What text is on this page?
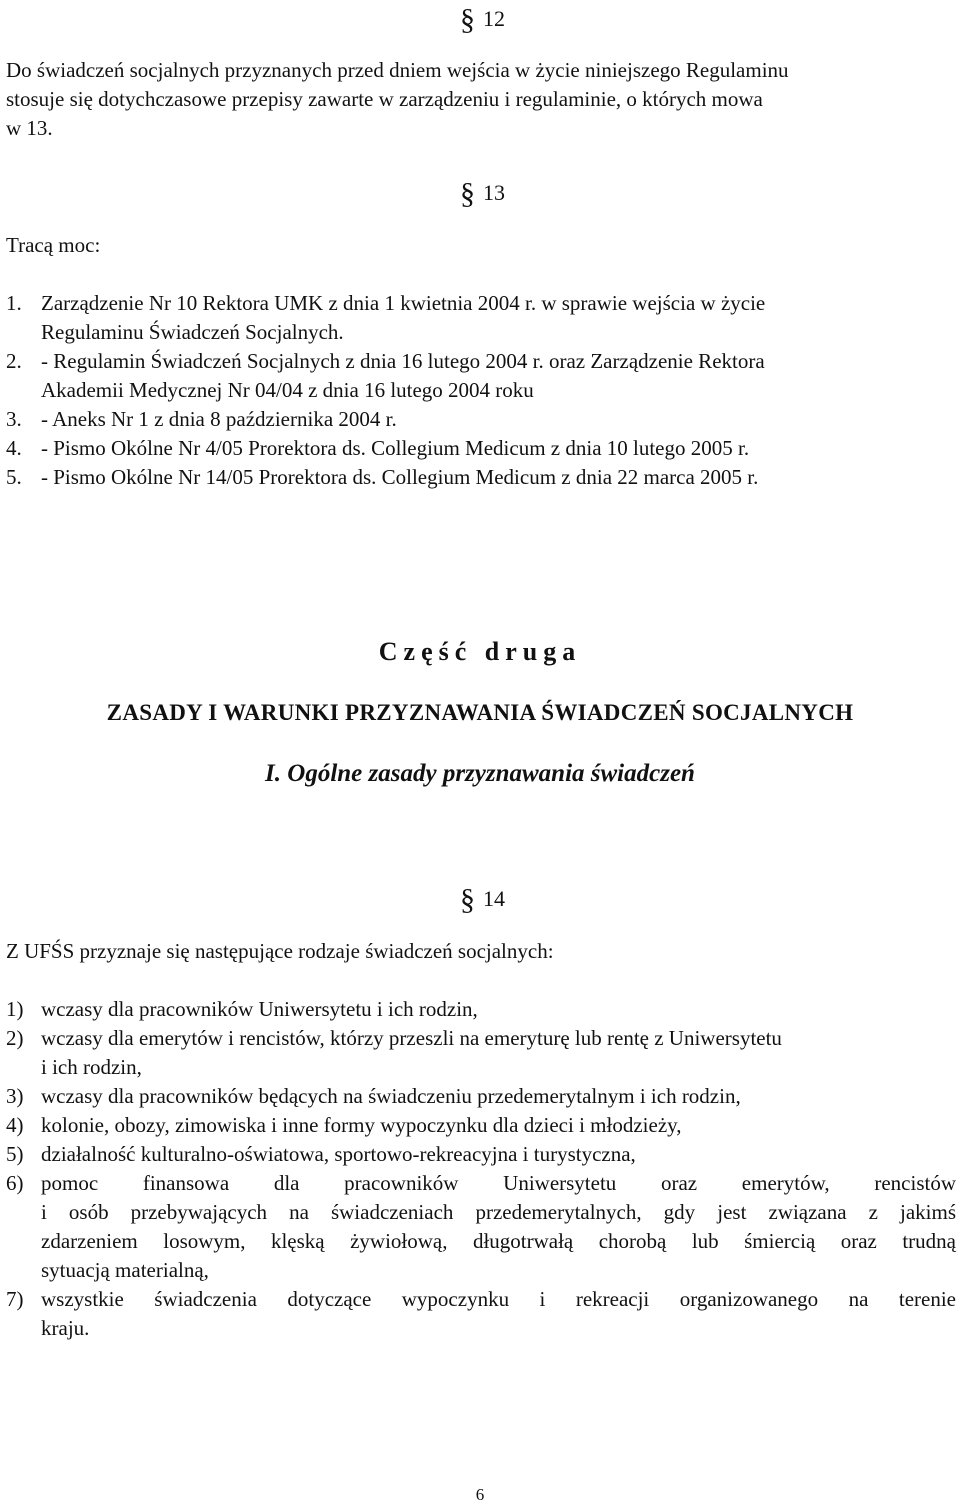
§ 12
Do świadczeń socjalnych przyznanych przed dniem wejścia w życie niniejszego Regulaminu
stosuje się dotychczasowe przepisy zawarte w zarządzeniu i regulaminie, o których mowa
w 13.
§ 13
Tracą moc:
1. Zarządzenie Nr 10 Rektora UMK z dnia 1 kwietnia 2004 r. w sprawie wejścia w życie
Regulaminu Świadczeń Socjalnych.
2. - Regulamin Świadczeń Socjalnych z dnia 16 lutego 2004 r. oraz Zarządzenie Rektora
Akademii Medycznej Nr 04/04 z dnia 16 lutego 2004 roku
3. - Aneks Nr 1 z dnia 8 października 2004 r.
4. - Pismo Okólne Nr 4/05 Prorektora ds. Collegium Medicum z dnia 10 lutego 2005 r.
5. - Pismo Okólne Nr 14/05 Prorektora ds. Collegium Medicum z dnia 22 marca 2005 r.
Część druga
ZASADY I WARUNKI PRZYZNAWANIA ŚWIADCZEŃ SOCJALNYCH
I. Ogólne zasady przyznawania świadczeń
§ 14
Z UFŚS przyznaje się następujące rodzaje świadczeń socjalnych:
1) wczasy dla pracowników Uniwersytetu i ich rodzin,
2) wczasy dla emerytów i rencistów, którzy przeszli na emeryturę lub rentę z Uniwersytetu
i ich rodzin,
3) wczasy dla pracowników będących na świadczeniu przedemerytalnym i ich rodzin,
4) kolonie, obozy, zimowiska i inne formy wypoczynku dla dzieci i młodzieży,
5) działalność kulturalno-oświatowa, sportowo-rekreacyjna i turystyczna,
6) pomoc finansowa dla pracowników Uniwersytetu oraz emerytów, rencistów
i osób przebywających na świadczeniach przedemerytalnych, gdy jest związana z jakimś
zdarzeniem losowym, klęską żywiołową, długotrwałą chorobą lub śmiercią oraz trudną
sytuacją materialną,
7) wszystkie świadczenia dotyczące wypoczynku i rekreacji organizowanego na terenie
kraju.
6
